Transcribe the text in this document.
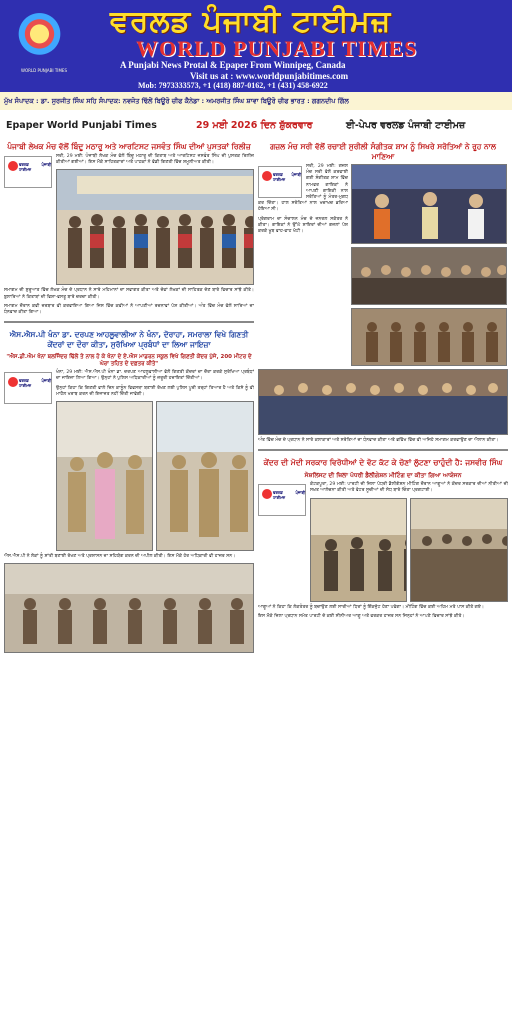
WORLD PUNJABI TIMES
ਵਰਲਡ ਪੰਜਾਬੀ ਟਾਈਮਜ਼
WORLD PUNJABI TIMES
A Punjabi News Protal & Epaper From Winnipeg, Canada
Visit us at : www.worldpunjabitimes.com
Mob: 7973333573, +1 (418) 887-0162, +1 (431) 458-6922
ਮੁੱਖ ਸੰਪਾਦਕ : ਡਾ. ਸੁਰਜੀਤ ਸਿੰਘ ਸਹਿ ਸੰਪਾਦਕ: ਨਵਜੋਤ ਢਿੱਲੋਂ ਬਿਊਰੋ ਚੀਫ ਕੈਨੇਡਾ : ਅਮਰਜੀਤ ਸਿੰਘ ਸ਼ਾਵਾ ਬਿਊਰੋ ਚੀਫ ਭਾਰਤ : ਗਗਨਦੀਪ ਗਿੱਲ
Epaper World Punjabi Times	29 ਮਈ 2026 ਦਿਨ ਸ਼ੁੱਕਰਵਾਰ	ਈ-ਪੇਪਰ ਵਰਲਡ ਪੰਜਾਬੀ ਟਾਈਮਜ਼
ਪੰਜਾਬੀ ਲੇਖਕ ਮੰਚ ਵੱਲੋਂ ਬਿੰਦੂ ਮਠਾਰੂ ਅਤੇ ਆਰਟਿਸਟ ਜਸਵੰਤ ਸਿੰਘ ਦੀਆਂ ਪੁਸਤਕਾਂ ਰਿਲੀਜ਼
ਵਰਲਡ ਪੰਜਾਬੀ ਟਾਈਮਜ਼

ਸਰੀ, 29 ਮਈ: ਪੰਜਾਬੀ ਲੇਖਕ ਮੰਚ ਵੱਲੋਂ ਬਿੰਦੂ ਮਠਾਰੂ ਦੀ ਕਿਤਾਬ ਅਤੇ ਆਰਟਿਸਟ ਜਸਵੰਤ ਸਿੰਘ ਦੀ ਪੁਸਤਕ ਰਿਲੀਜ਼ ਕੀਤੀਆਂ ਗਈਆਂ। ਇਸ ਮੌਕੇ ਸਾਹਿਤਕਾਰਾਂ ਅਤੇ ਪਾਠਕਾਂ ਨੇ ਵੱਡੀ ਗਿਣਤੀ ਵਿੱਚ ਸ਼ਮੂਲੀਅਤ ਕੀਤੀ।

ਸਮਾਗਮ ਦੀ ਸ਼ੁਰੂਆਤ ਵਿੱਚ ਲੇਖਕ ਮੰਚ ਦੇ ਪ੍ਰਧਾਨ ਨੇ ਸਾਰੇ ਮਹਿਮਾਨਾਂ ਦਾ ਸਵਾਗਤ ਕੀਤਾ ਅਤੇ ਦੋਵਾਂ ਲੇਖਕਾਂ ਦੀ ਸਾਹਿਤਕ ਦੇਣ ਬਾਰੇ ਵਿਚਾਰ ਸਾਂਝੇ ਕੀਤੇ। ਬੁਲਾਰਿਆਂ ਨੇ ਕਿਤਾਬਾਂ ਦੀ ਵਿਸ਼ਾ-ਵਸਤੂ ਬਾਰੇ ਚਰਚਾ ਕੀਤੀ।

ਸਮਾਗਮ ਦੌਰਾਨ ਕਵੀ ਦਰਬਾਰ ਵੀ ਕਰਵਾਇਆ ਗਿਆ ਜਿਸ ਵਿੱਚ ਕਵੀਆਂ ਨੇ ਆਪਣੀਆਂ ਰਚਨਾਵਾਂ ਪੇਸ਼ ਕੀਤੀਆਂ। ਅੰਤ ਵਿੱਚ ਮੰਚ ਵੱਲੋਂ ਸਾਰਿਆਂ ਦਾ ਧੰਨਵਾਦ ਕੀਤਾ ਗਿਆ।

ਐਸ.ਐਸ.ਪੀ ਖੰਨਾ ਡਾ. ਦਰਪਣ ਆਹਲੂਵਾਲੀਆ ਨੇ ਖੰਨਾ, ਦੋਰਾਹਾ, ਸਮਰਾਲਾ ਵਿਖੇ ਗਿਣਤੀ ਕੇਂਦਰਾਂ ਦਾ ਦੌਰਾ ਕੀਤਾ, ਸੁਰੱਖਿਆ ਪ੍ਰਬੰਧਾਂ ਦਾ ਲਿਆ ਜਾਇਜ਼ਾ
"ਐਸ.ਡੀ.ਐਮ ਖੰਨਾ ਬਲਜਿੰਦਰ ਢਿੱਲੋਂ ਤੇ ਨਾਲ ਹੋ ਕੇ ਖੰਨਾ ਦੇ ਏ.ਐਸ ਮਾਡਰਨ ਸਕੂਲ ਵਿਖੇ ਗਿਣਤੀ ਕੇਂਦਰ ਪੁੱਜੇ, 200 ਮੀਟਰ ਦੇ ਘੇਰਾ ਤਹਿਤ ਦੇ ਦਫ਼ਤਰ ਕੀਤੇ"
ਵਰਲਡ ਪੰਜਾਬੀ ਟਾਈਮਜ਼

ਖੰਨਾ, 29 ਮਈ: ਐਸ.ਐਸ.ਪੀ ਖੰਨਾ ਡਾ. ਦਰਪਣ ਆਹਲੂਵਾਲੀਆ ਵੱਲੋਂ ਗਿਣਤੀ ਕੇਂਦਰਾਂ ਦਾ ਦੌਰਾ ਕਰਕੇ ਸੁਰੱਖਿਆ ਪ੍ਰਬੰਧਾਂ ਦਾ ਜਾਇਜ਼ਾ ਲਿਆ ਗਿਆ। ਉਨ੍ਹਾਂ ਨੇ ਪੁਲਿਸ ਅਧਿਕਾਰੀਆਂ ਨੂੰ ਜ਼ਰੂਰੀ ਹਦਾਇਤਾਂ ਦਿੱਤੀਆਂ।

ਉਨ੍ਹਾਂ ਕਿਹਾ ਕਿ ਗਿਣਤੀ ਵਾਲੇ ਦਿਨ ਕਾਨੂੰਨ ਵਿਵਸਥਾ ਬਣਾਈ ਰੱਖਣ ਲਈ ਪੁਲਿਸ ਪੂਰੀ ਤਰ੍ਹਾਂ ਤਿਆਰ ਹੈ ਅਤੇ ਕਿਸੇ ਨੂੰ ਵੀ ਮਾਹੌਲ ਖਰਾਬ ਕਰਨ ਦੀ ਇਜਾਜ਼ਤ ਨਹੀਂ ਦਿੱਤੀ ਜਾਵੇਗੀ।

ਐਸ.ਐਸ.ਪੀ ਨੇ ਲੋਕਾਂ ਨੂੰ ਸ਼ਾਂਤੀ ਬਣਾਈ ਰੱਖਣ ਅਤੇ ਪ੍ਰਸ਼ਾਸਨ ਦਾ ਸਹਿਯੋਗ ਕਰਨ ਦੀ ਅਪੀਲ ਕੀਤੀ। ਇਸ ਮੌਕੇ ਹੋਰ ਅਧਿਕਾਰੀ ਵੀ ਹਾਜ਼ਰ ਸਨ।

ਗਜ਼ਲ ਮੰਚ ਸਰੀ ਵੱਲੋਂ ਰਚਾਈ ਸੁਰੀਲੀ ਸੰਗੀਤਕ ਸ਼ਾਮ ਨੂੰ ਸਿਖਰੇ ਸਰੋਤਿਆਂ ਨੇ ਰੂਹ ਨਾਲ ਮਾਣਿਆ
ਵਰਲਡ ਪੰਜਾਬੀ ਟਾਈਮਜ਼

ਸਰੀ, 29 ਮਈ: ਗਜ਼ਲ ਮੰਚ ਸਰੀ ਵੱਲੋਂ ਕਰਵਾਈ ਗਈ ਸੰਗੀਤਕ ਸ਼ਾਮ ਵਿੱਚ ਨਾਮਵਰ ਗਾਇਕਾਂ ਨੇ ਆਪਣੀ ਗਾਇਕੀ ਨਾਲ ਸਰੋਤਿਆਂ ਨੂੰ ਮੰਤਰ-ਮੁਗਧ ਕਰ ਦਿੱਤਾ। ਹਾਲ ਸਰੋਤਿਆਂ ਨਾਲ ਖਚਾਖਚ ਭਰਿਆ ਹੋਇਆ ਸੀ।

ਪ੍ਰੋਗਰਾਮ ਦਾ ਸੰਚਾਲਨ ਮੰਚ ਦੇ ਜਨਰਲ ਸਕੱਤਰ ਨੇ ਕੀਤਾ। ਗਾਇਕਾਂ ਨੇ ਉੱਘੇ ਸ਼ਾਇਰਾਂ ਦੀਆਂ ਗਜ਼ਲਾਂ ਪੇਸ਼ ਕਰਕੇ ਖੂਬ ਵਾਹ-ਵਾਹ ਖੱਟੀ।

ਅੰਤ ਵਿੱਚ ਮੰਚ ਦੇ ਪ੍ਰਧਾਨ ਨੇ ਸਾਰੇ ਕਲਾਕਾਰਾਂ ਅਤੇ ਸਰੋਤਿਆਂ ਦਾ ਧੰਨਵਾਦ ਕੀਤਾ ਅਤੇ ਭਵਿੱਖ ਵਿੱਚ ਵੀ ਅਜਿਹੇ ਸਮਾਗਮ ਕਰਵਾਉਣ ਦਾ ਐਲਾਨ ਕੀਤਾ।

ਕੇਂਦਰ ਦੀ ਮੋਦੀ ਸਰਕਾਰ ਵਿਰੋਧੀਆਂ ਦੇ ਵੋਟ ਕੱਟ ਕੇ ਚੋਣਾਂ ਲੁੱਟਣਾ ਚਾਹੁੰਦੀ ਹੈ: ਜਸਵੀਰ ਸਿੰਘ
ਸੋਸ਼ਲਿਸਟ ਦੀ ਜ਼ਿਲਾ ਪੱਧਰੀ ਡੈਲੀਗੇਸ਼ਨ ਮੀਟਿੰਗ ਦਾ ਕੀਤਾ ਗਿਆ ਆਯੋਜਨ
ਵਰਲਡ ਪੰਜਾਬੀ ਟਾਈਮਜ਼

ਕੋਟਕਪੂਰਾ, 29 ਮਈ: ਪਾਰਟੀ ਦੀ ਜ਼ਿਲਾ ਪੱਧਰੀ ਡੈਲੀਗੇਸ਼ਨ ਮੀਟਿੰਗ ਦੌਰਾਨ ਆਗੂਆਂ ਨੇ ਕੇਂਦਰ ਸਰਕਾਰ ਦੀਆਂ ਨੀਤੀਆਂ ਦੀ ਸਖ਼ਤ ਆਲੋਚਨਾ ਕੀਤੀ ਅਤੇ ਵੋਟਰ ਸੂਚੀਆਂ ਦੀ ਸੋਧ ਬਾਰੇ ਚਿੰਤਾ ਪ੍ਰਗਟਾਈ।

ਆਗੂਆਂ ਨੇ ਕਿਹਾ ਕਿ ਲੋਕਤੰਤਰ ਨੂੰ ਬਚਾਉਣ ਲਈ ਸਾਰੀਆਂ ਧਿਰਾਂ ਨੂੰ ਇੱਕਜੁੱਟ ਹੋਣਾ ਪਵੇਗਾ। ਮੀਟਿੰਗ ਵਿੱਚ ਕਈ ਅਹਿਮ ਮਤੇ ਪਾਸ ਕੀਤੇ ਗਏ।

ਇਸ ਮੌਕੇ ਜ਼ਿਲਾ ਪ੍ਰਧਾਨ ਸਮੇਤ ਪਾਰਟੀ ਦੇ ਕਈ ਸੀਨੀਅਰ ਆਗੂ ਅਤੇ ਵਰਕਰ ਹਾਜ਼ਰ ਸਨ ਜਿਨ੍ਹਾਂ ਨੇ ਆਪਣੇ ਵਿਚਾਰ ਸਾਂਝੇ ਕੀਤੇ।
